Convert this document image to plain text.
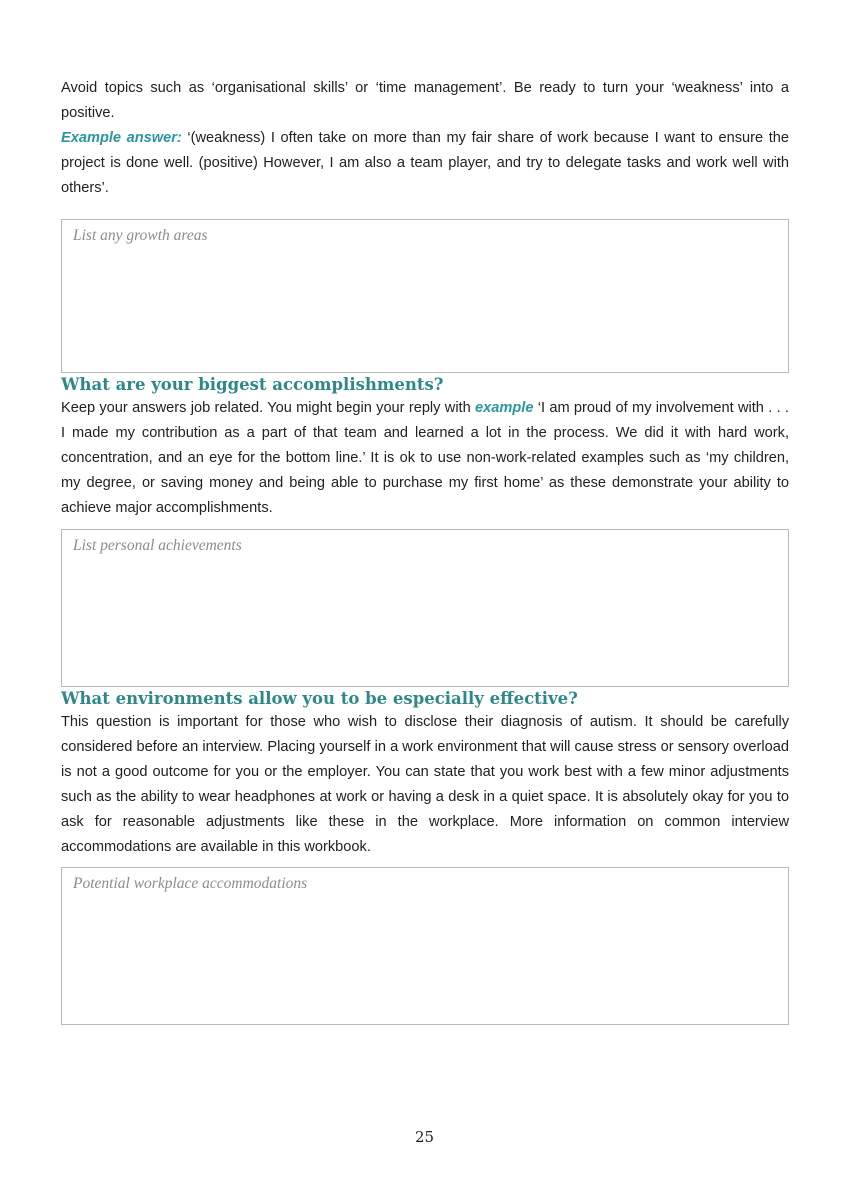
Avoid topics such as ‘organisational skills’ or ‘time management’. Be ready to turn your ‘weakness’ into a positive.

Example answer: ‘(weakness) I often take on more than my fair share of work because I want to ensure the project is done well. (positive) However, I am also a team player, and try to delegate tasks and work well with others’.

List any growth areas
What are your biggest accomplishments?

Keep your answers job related. You might begin your reply with example ‘I am proud of my involvement with . . . I made my contribution as a part of that team and learned a lot in the process. We did it with hard work, concentration, and an eye for the bottom line.’ It is ok to use non-work-related examples such as ‘my children, my degree, or saving money and being able to purchase my first home’ as these demonstrate your ability to achieve major accomplishments.

List personal achievements
What environments allow you to be especially effective?

This question is important for those who wish to disclose their diagnosis of autism. It should be carefully considered before an interview. Placing yourself in a work environment that will cause stress or sensory overload is not a good outcome for you or the employer. You can state that you work best with a few minor adjustments such as the ability to wear headphones at work or having a desk in a quiet space. It is absolutely okay for you to ask for reasonable adjustments like these in the workplace. More information on common interview accommodations are available in this workbook.

Potential workplace accommodations
25
